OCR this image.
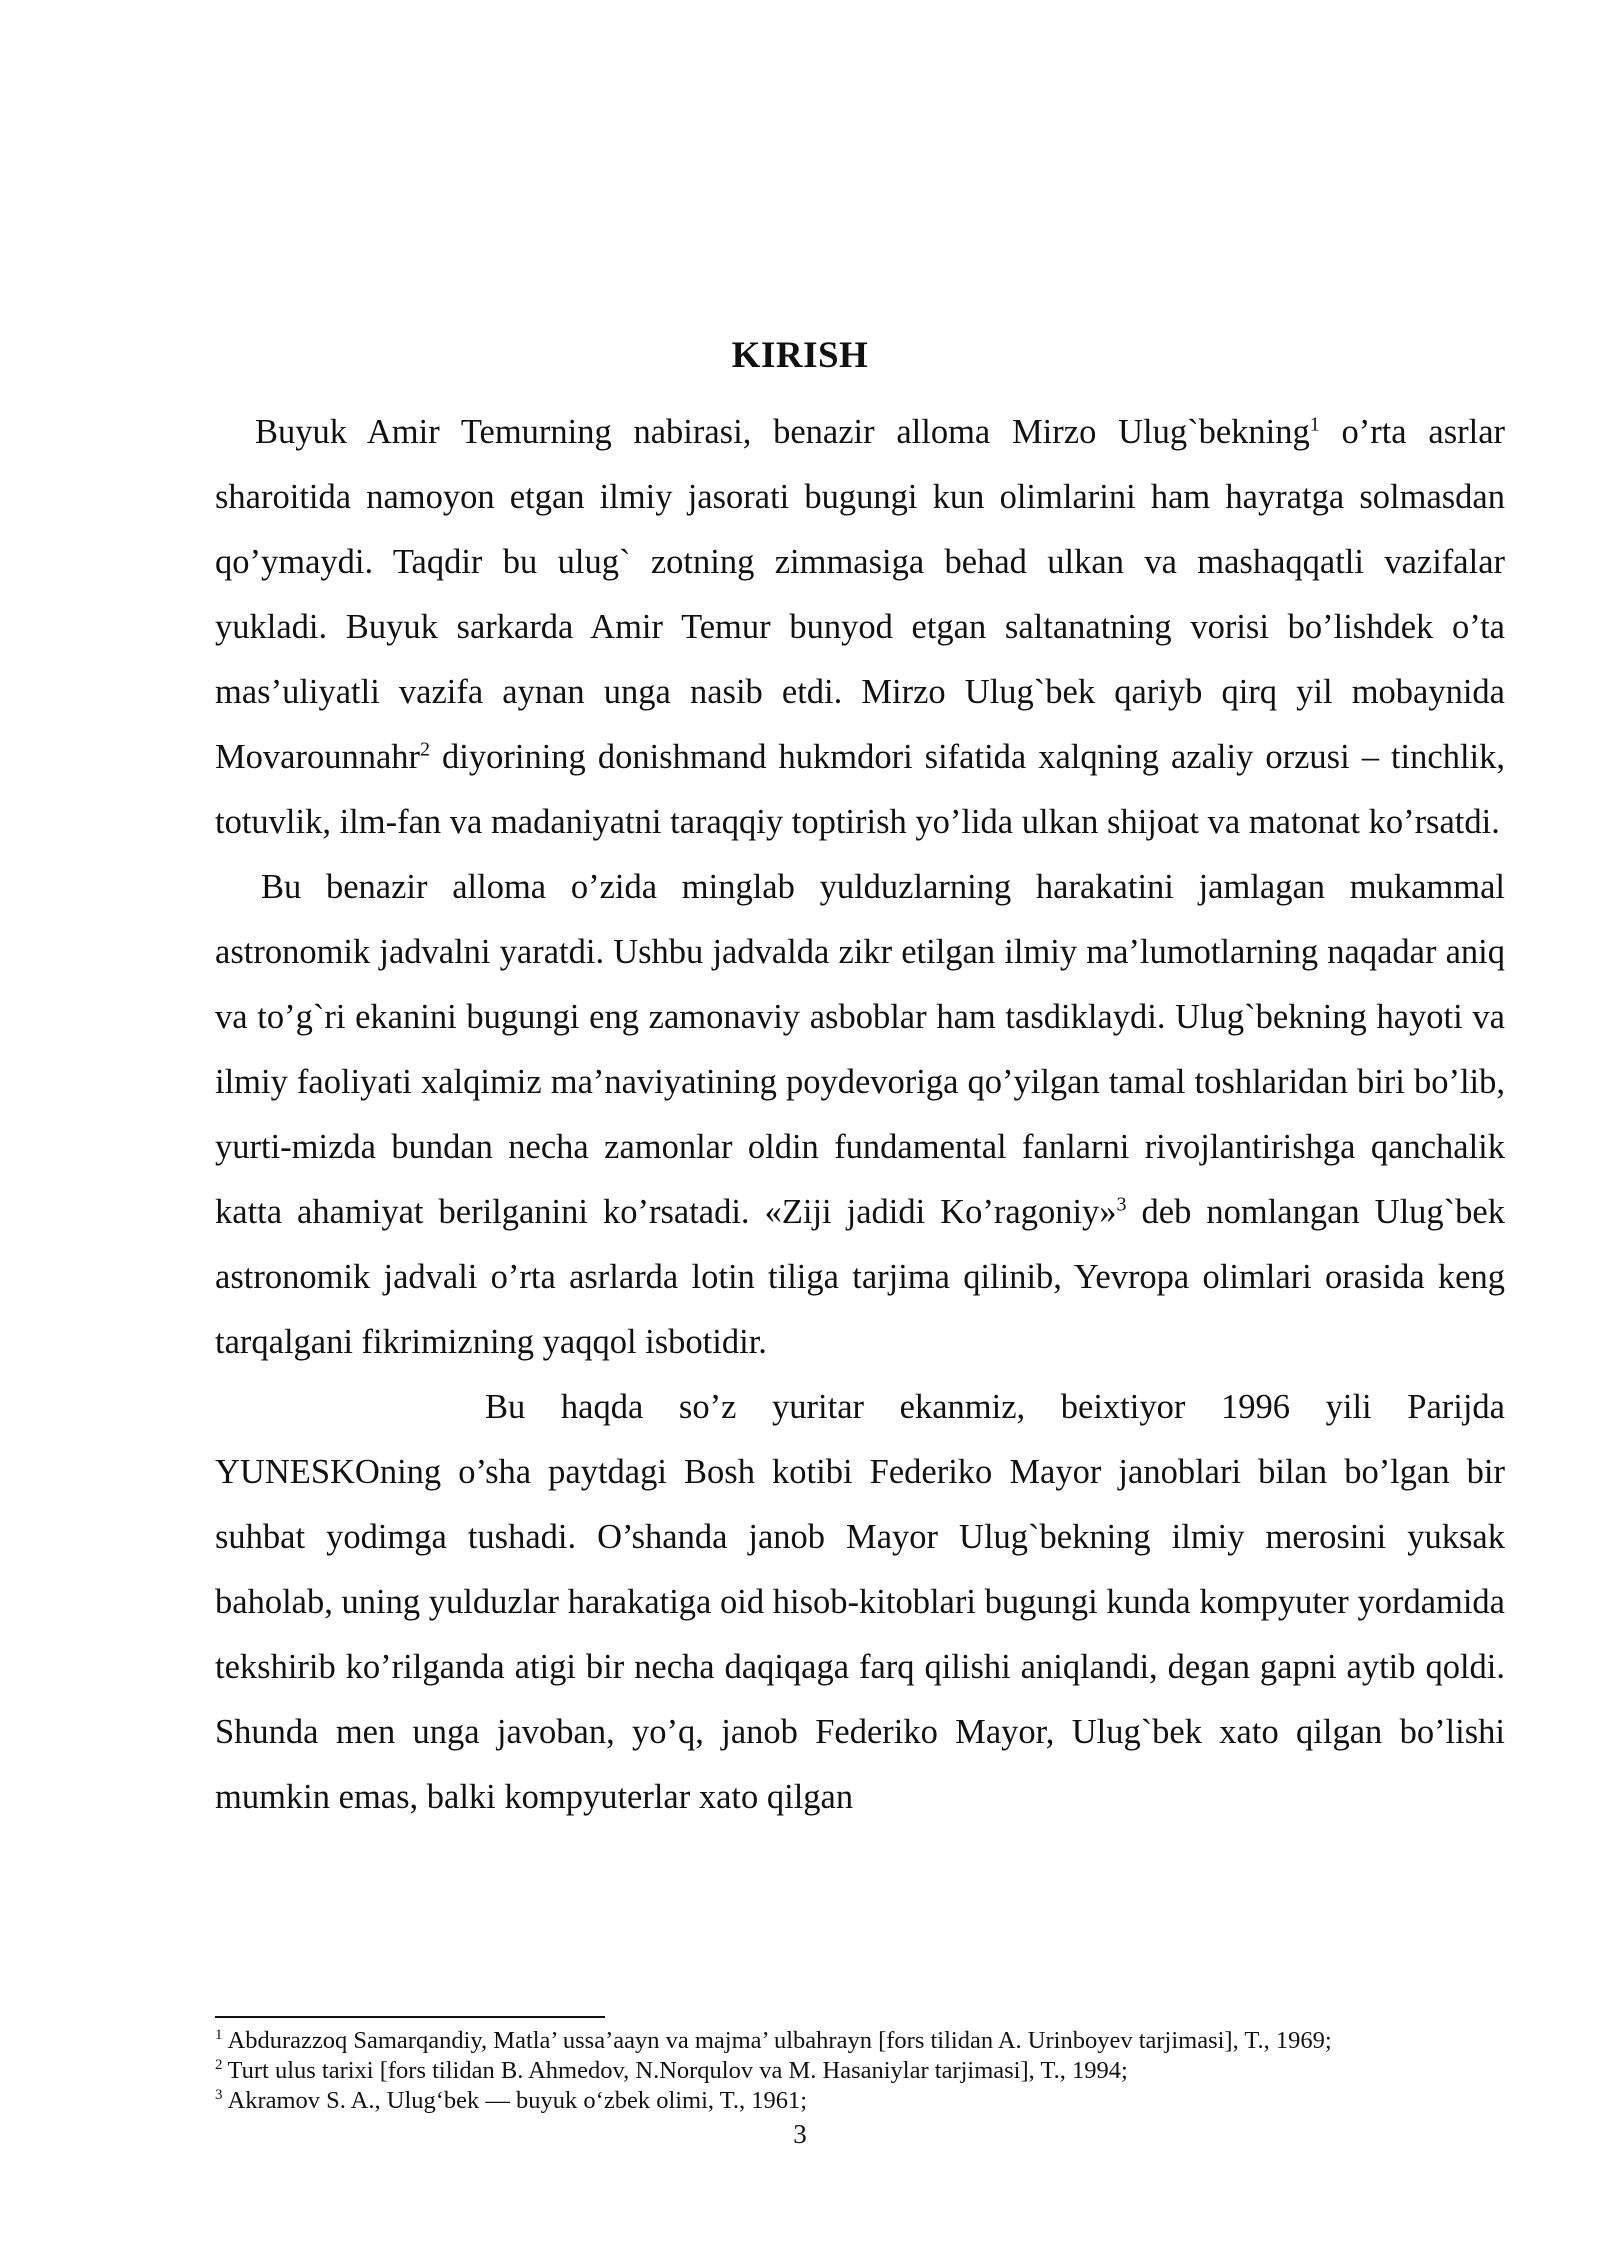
KIRISH

Buyuk Amir Temurning nabirasi, benazir alloma Mirzo Ulug`bekning$^1$ o’rta asrlar sharoitida namoyon etgan ilmiy jasorati bugungi kun olimlarini ham hayratga solmasdan qo’ymaydi. Taqdir bu ulug` zotning zimmasiga behad ulkan va mashaqqatli vazifalar yukladi. Buyuk sarkarda Amir Temur bunyod etgan saltanatning vorisi bo’lishdek o’ta mas’uliyatli vazifa aynan unga nasib etdi. Mirzo Ulug`bek qariyb qirq yil mobaynida Movarounnahr$^2$ diyorining donishmand hukmdori sifatida xalqning azaliy orzusi – tinchlik, totuvlik, ilm-fan va madaniyatni taraqqiy toptirish yo’lida ulkan shijoat va matonat ko’rsatdi.

Bu benazir alloma o’zida minglab yulduzlarning harakatini jamlagan mukammal astronomik jadvalni yaratdi. Ushbu jadvalda zikr etilgan ilmiy ma’lumotlarning naqadar aniq va to’g`ri ekanini bugungi eng zamonaviy asboblar ham tasdiklaydi. Ulug`bekning hayoti va ilmiy faoliyati xalqimiz ma’naviyatining poydevoriga qo’yilgan tamal toshlaridan biri bo’lib, yurti-mizda bundan necha zamonlar oldin fundamental fanlarni rivojlantirishga qanchalik katta ahamiyat berilganini ko’rsatadi. «Ziji jadidi Ko’ragoniy»$^3$ deb nomlangan Ulug`bek astronomik jadvali o’rta asrlarda lotin tiliga tarjima qilinib, Yevropa olimlari orasida keng tarqalgani fikrimizning yaqqol isbotidir.

Bu haqda so’z yuritar ekanmiz, beixtiyor 1996 yili Parijda YUNESKOning o’sha paytdagi Bosh kotibi Federiko Mayor janoblari bilan bo’lgan bir suhbat yodimga tushadi. O’shanda janob Mayor Ulug`bekning ilmiy merosini yuksak baholab, uning yulduzlar harakatiga oid hisob-kitoblari bugungi kunda kompyuter yordamida tekshirib ko’rilganda atigi bir necha daqiqaga farq qilishi aniqlandi, degan gapni aytib qoldi. Shunda men unga javoban, yo’q, janob Federiko Mayor, Ulug`bek xato qilgan bo’lishi mumkin emas, balki kompyuterlar xato qilgan

$^1$ Abdurazzoq Samarqandiy, Matla’ ussa’aayn va majma’ ulbahrayn [fors tilidan A. Urinboyev tarjimasi], T., 1969;

$^2$ Turt ulus tarixi [fors tilidan B. Ahmedov, N.Norqulov va M. Hasaniylar tarjimasi], T., 1994;

$^3$ Akramov S. A., Ulug‘bek — buyuk o‘zbek olimi, T., 1961;

3
